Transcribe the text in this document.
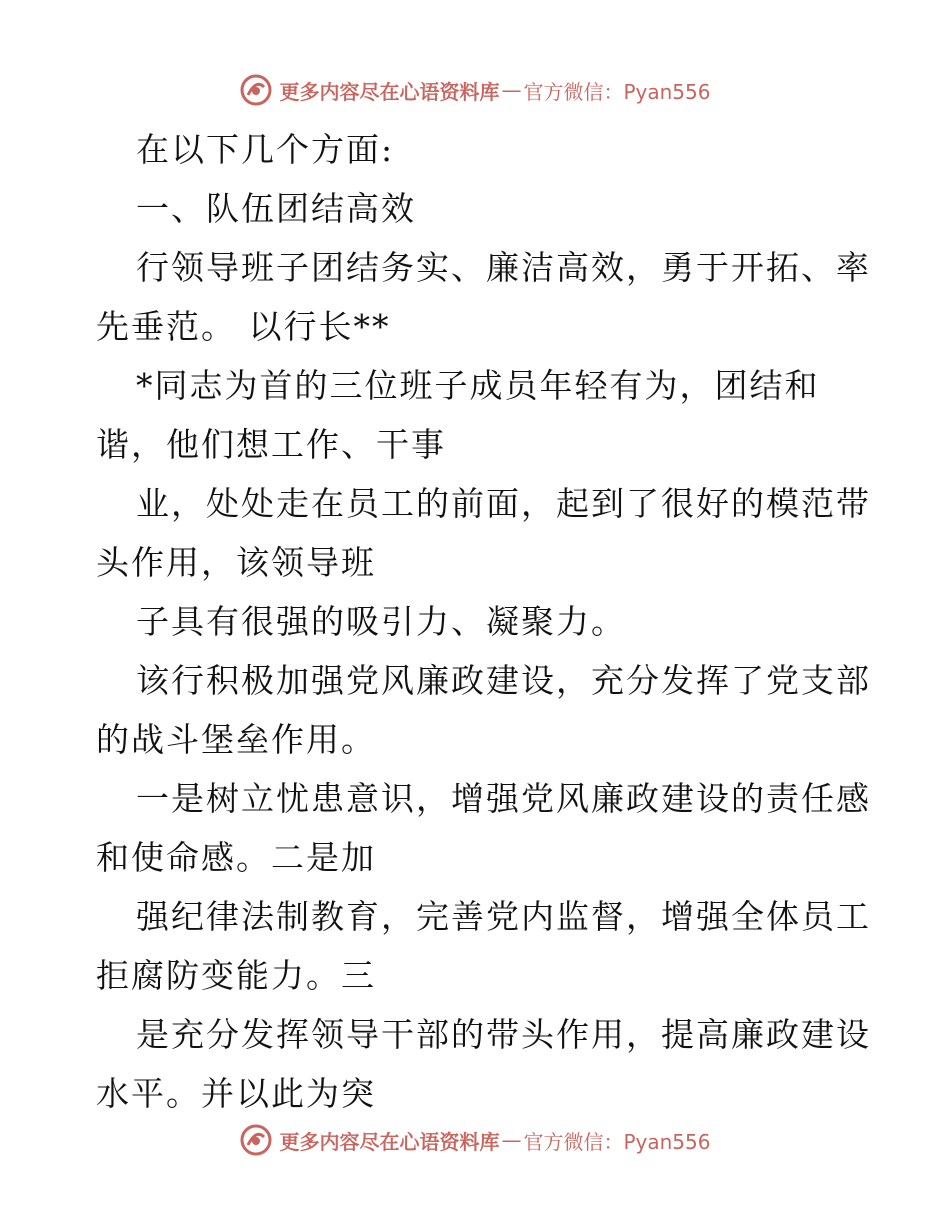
更多内容尽在心语资料库 — 官方微信：Pyan556
在以下几个方面:
一、队伍团结高效
行领导班子团结务实、廉洁高效，勇于开拓、率
先垂范。 以行长**
*同志为首的三位班子成员年轻有为，团结和
谐，他们想工作、干事
业，处处走在员工的前面，起到了很好的模范带
头作用，该领导班
子具有很强的吸引力、凝聚力。
该行积极加强党风廉政建设，充分发挥了党支部
的战斗堡垒作用。
一是树立忧患意识，增强党风廉政建设的责任感
和使命感。二是加
强纪律法制教育，完善党内监督，增强全体员工
拒腐防变能力。三
是充分发挥领导干部的带头作用，提高廉政建设
水平。并以此为突
更多内容尽在心语资料库 — 官方微信：Pyan556
